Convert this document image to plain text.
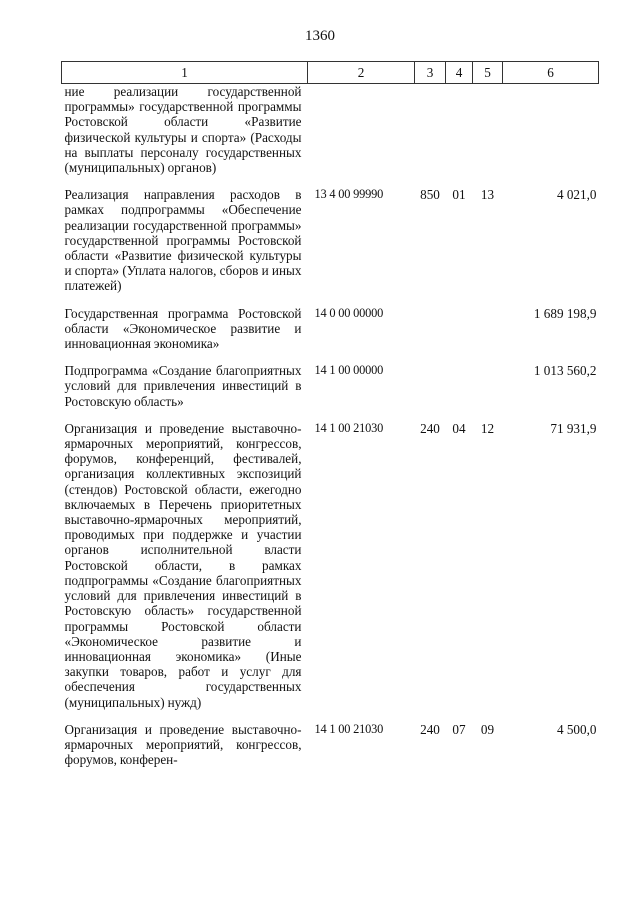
1360
1	2	3	4	5	6
ние реализации государственной программы» государственной программы Ростовской области «Развитие физической культуры и спорта» (Расходы на выплаты персоналу государственных (муниципальных) органов)					
Реализация направления расходов в рамках подпрограммы «Обеспечение реализации государственной программы» государственной программы Ростовской области «Развитие физической культуры и спорта» (Уплата налогов, сборов и иных платежей)	13 4 00 99990	850	01	13	4 021,0
Государственная программа Ростовской области «Экономическое развитие и инновационная экономика»	14 0 00 00000				1 689 198,9
Подпрограмма «Создание благоприятных условий для привлечения инвестиций в Ростовскую область»	14 1 00 00000				1 013 560,2
Организация и проведение выставочно-ярмарочных мероприятий, конгрессов, форумов, конференций, фестивалей, организация коллективных экспозиций (стендов) Ростовской области, ежегодно включаемых в Перечень приоритетных выставочно-ярмарочных мероприятий, проводимых при поддержке и участии органов исполнительной власти Ростовской области, в рамках подпрограммы «Создание благоприятных условий для привлечения инвестиций в Ростовскую область» государственной программы Ростовской области «Экономическое развитие и инновационная экономика» (Иные закупки товаров, работ и услуг для обеспечения государственных (муниципальных) нужд)	14 1 00 21030	240	04	12	71 931,9
Организация и проведение выставочно-ярмарочных мероприятий, конгрессов, форумов, конферен-	14 1 00 21030	240	07	09	4 500,0
